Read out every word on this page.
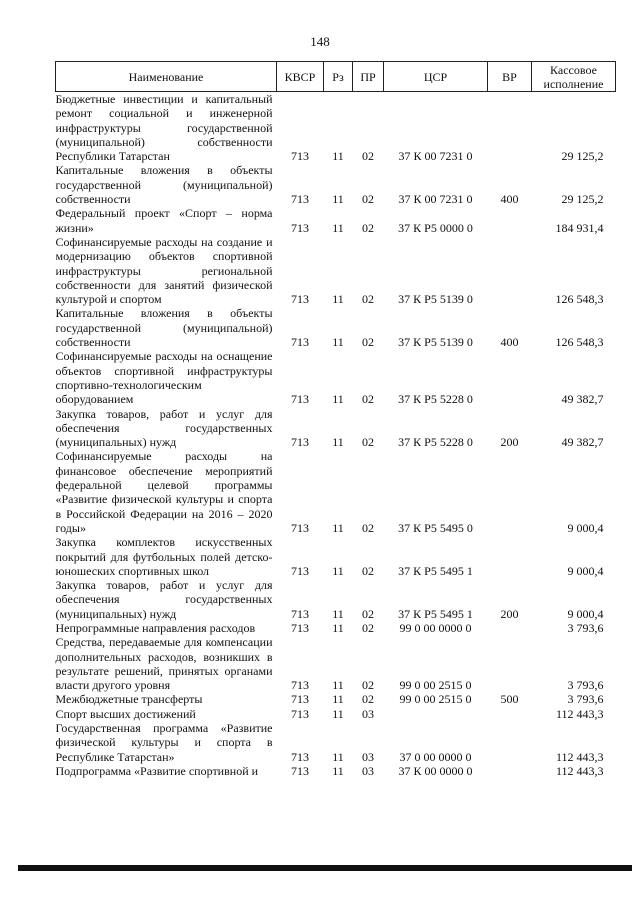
148
Наименование	КВСР	Рз	ПР	ЦСР	ВР	Кассовое исполнение
Бюджетные инвестиции и капитальный ремонт социальной и инженерной инфраструктуры государственной (муниципальной) собственности Республики Татарстан	713	11	02	37 К 00 7231 0		29 125,2
Капитальные вложения в объекты государственной (муниципальной) собственности	713	11	02	37 К 00 7231 0	400	29 125,2
Федеральный проект «Спорт – норма жизни»	713	11	02	37 К Р5 0000 0		184 931,4
Софинансируемые расходы на создание и модернизацию объектов спортивной инфраструктуры региональной собственности для занятий физической культурой и спортом	713	11	02	37 К Р5 5139 0		126 548,3
Капитальные вложения в объекты государственной (муниципальной) собственности	713	11	02	37 К Р5 5139 0	400	126 548,3
Софинансируемые расходы на оснащение объектов спортивной инфраструктуры спортивно-технологическим оборудованием	713	11	02	37 К Р5 5228 0		49 382,7
Закупка товаров, работ и услуг для обеспечения государственных (муниципальных) нужд	713	11	02	37 К Р5 5228 0	200	49 382,7
Софинансируемые расходы на финансовое обеспечение мероприятий федеральной целевой программы «Развитие физической культуры и спорта в Российской Федерации на 2016 – 2020 годы»	713	11	02	37 К Р5 5495 0		9 000,4
Закупка комплектов искусственных покрытий для футбольных полей детско-юношеских спортивных школ	713	11	02	37 К Р5 5495 1		9 000,4
Закупка товаров, работ и услуг для обеспечения государственных (муниципальных) нужд	713	11	02	37 К Р5 5495 1	200	9 000,4
Непрограммные направления расходов	713	11	02	99 0 00 0000 0		3 793,6
Средства, передаваемые для компенсации дополнительных расходов, возникших в результате решений, принятых органами власти другого уровня	713	11	02	99 0 00 2515 0		3 793,6
Межбюджетные трансферты	713	11	02	99 0 00 2515 0	500	3 793,6
Спорт высших достижений	713	11	03			112 443,3
Государственная программа «Развитие физической культуры и спорта в Республике Татарстан»	713	11	03	37 0 00 0000 0		112 443,3
Подпрограмма «Развитие спортивной и	713	11	03	37 К 00 0000 0		112 443,3
